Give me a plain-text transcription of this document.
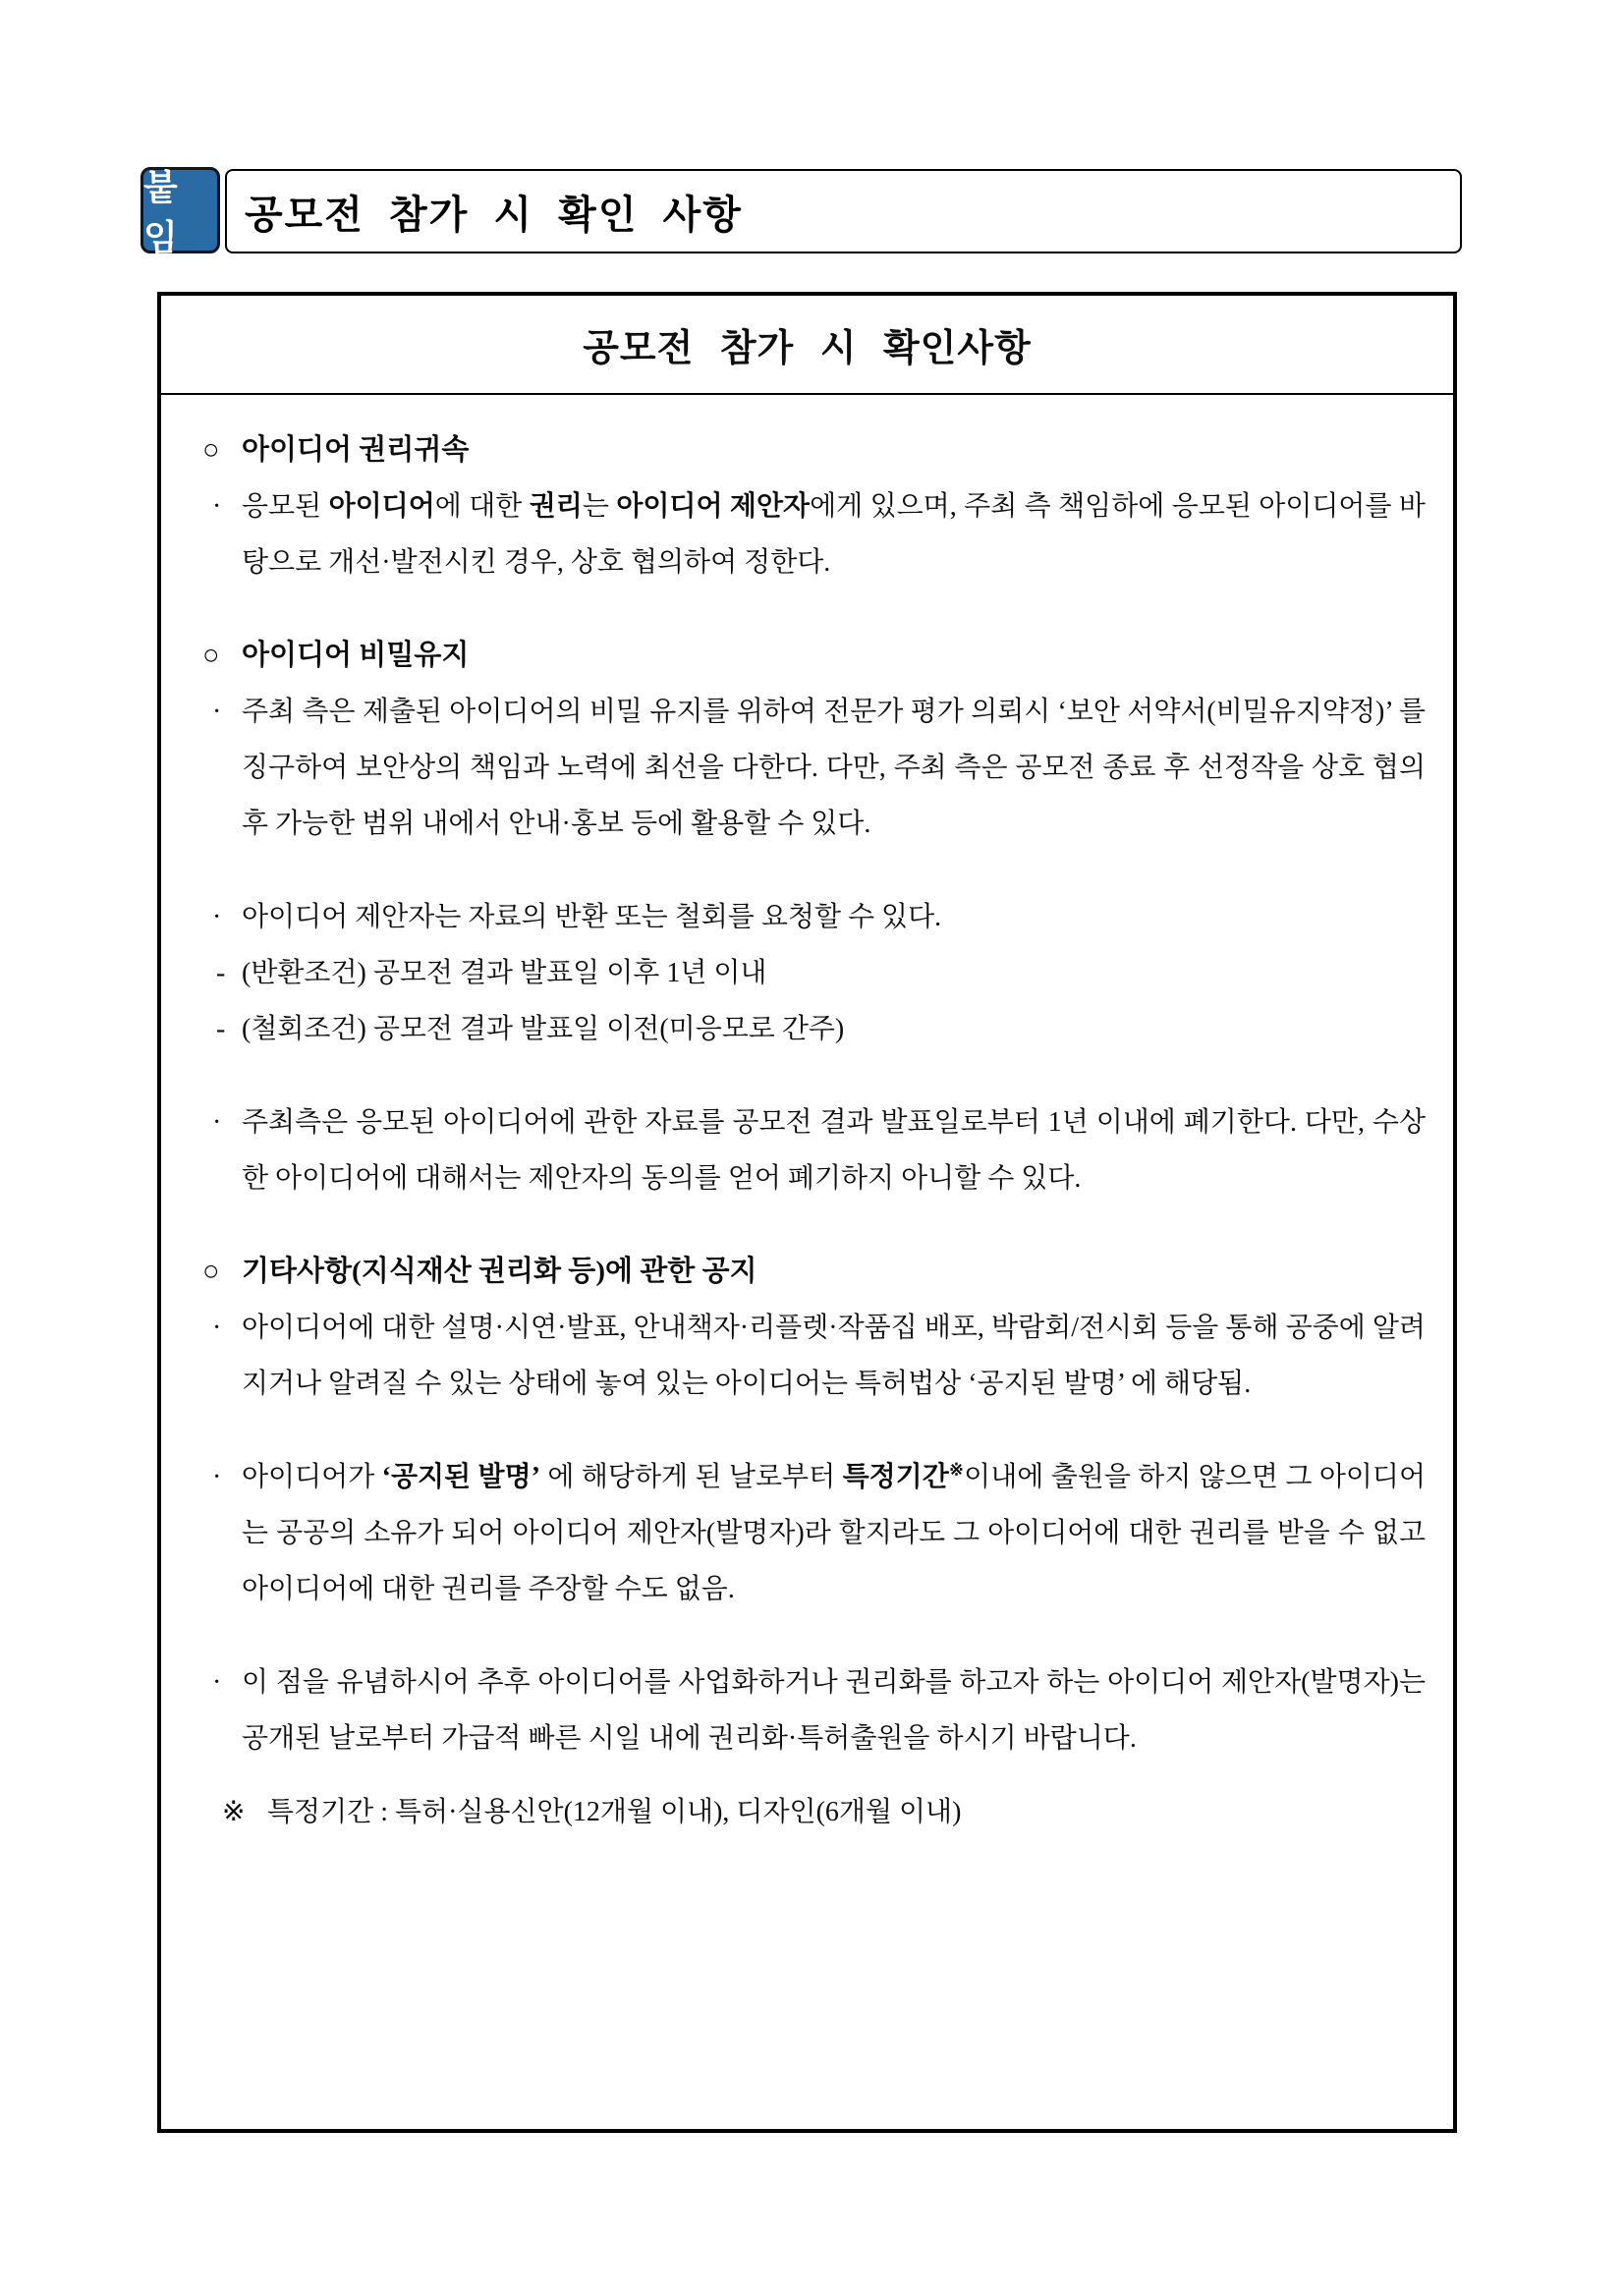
붙 임
공모전 참가 시 확인 사항
공모전 참가 시 확인사항
○ 아이디어 권리귀속
· 응모된 아이디어에 대한 권리는 아이디어 제안자에게 있으며, 주최 측 책임하에 응모된 아이디어를 바탕으로 개선·발전시킨 경우, 상호 협의하여 정한다.
○ 아이디어 비밀유지
· 주최 측은 제출된 아이디어의 비밀 유지를 위하여 전문가 평가 의뢰시 ‘보안 서약서(비밀유지약정)’ 를 징구하여 보안상의 책임과 노력에 최선을 다한다. 다만, 주최 측은 공모전 종료 후 선정작을 상호 협의 후 가능한 범위 내에서 안내·홍보 등에 활용할 수 있다.
· 아이디어 제안자는 자료의 반환 또는 철회를 요청할 수 있다.
- (반환조건) 공모전 결과 발표일 이후 1년 이내
- (철회조건) 공모전 결과 발표일 이전(미응모로 간주)
· 주최측은 응모된 아이디어에 관한 자료를 공모전 결과 발표일로부터 1년 이내에 폐기한다. 다만, 수상한 아이디어에 대해서는 제안자의 동의를 얻어 폐기하지 아니할 수 있다.
○ 기타사항(지식재산 권리화 등)에 관한 공지
· 아이디어에 대한 설명·시연·발표, 안내책자·리플렛·작품집 배포, 박람회/전시회 등을 통해 공중에 알려지거나 알려질 수 있는 상태에 놓여 있는 아이디어는 특허법상 ‘공지된 발명’ 에 해당됨.
· 아이디어가 ‘공지된 발명’ 에 해당하게 된 날로부터 특정기간※이내에 출원을 하지 않으면 그 아이디어는 공공의 소유가 되어 아이디어 제안자(발명자)라 할지라도 그 아이디어에 대한 권리를 받을 수 없고 아이디어에 대한 권리를 주장할 수도 없음.
· 이 점을 유념하시어 추후 아이디어를 사업화하거나 권리화를 하고자 하는 아이디어 제안자(발명자)는 공개된 날로부터 가급적 빠른 시일 내에 권리화·특허출원을 하시기 바랍니다.
※ 특정기간 : 특허·실용신안(12개월 이내), 디자인(6개월 이내)
